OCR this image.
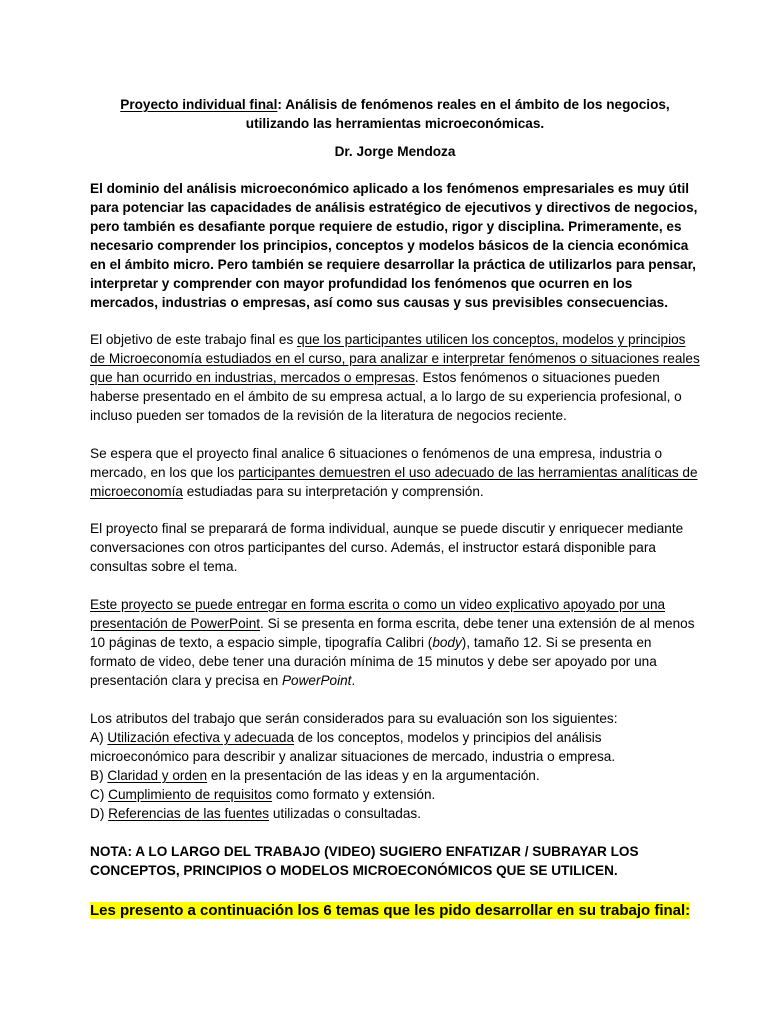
Proyecto individual final: Análisis de fenómenos reales en el ámbito de los negocios, utilizando las herramientas microeconómicas.

Dr. Jorge Mendoza

El dominio del análisis microeconómico aplicado a los fenómenos empresariales es muy útil para potenciar las capacidades de análisis estratégico de ejecutivos y directivos de negocios, pero también es desafiante porque requiere de estudio, rigor y disciplina. Primeramente, es necesario comprender los principios, conceptos y modelos básicos de la ciencia económica en el ámbito micro. Pero también se requiere desarrollar la práctica de utilizarlos para pensar, interpretar y comprender con mayor profundidad los fenómenos que ocurren en los mercados, industrias o empresas, así como sus causas y sus previsibles consecuencias.

El objetivo de este trabajo final es que los participantes utilicen los conceptos, modelos y principios de Microeconomía estudiados en el curso, para analizar e interpretar fenómenos o situaciones reales que han ocurrido en industrias, mercados o empresas. Estos fenómenos o situaciones pueden haberse presentado en el ámbito de su empresa actual, a lo largo de su experiencia profesional, o incluso pueden ser tomados de la revisión de la literatura de negocios reciente.

Se espera que el proyecto final analice 6 situaciones o fenómenos de una empresa, industria o mercado, en los que los participantes demuestren el uso adecuado de las herramientas analíticas de microeconomía estudiadas para su interpretación y comprensión.

El proyecto final se preparará de forma individual, aunque se puede discutir y enriquecer mediante conversaciones con otros participantes del curso. Además, el instructor estará disponible para consultas sobre el tema.

Este proyecto se puede entregar en forma escrita o como un video explicativo apoyado por una presentación de PowerPoint. Si se presenta en forma escrita, debe tener una extensión de al menos 10 páginas de texto, a espacio simple, tipografía Calibri (body), tamaño 12. Si se presenta en formato de video, debe tener una duración mínima de 15 minutos y debe ser apoyado por una presentación clara y precisa en PowerPoint.

Los atributos del trabajo que serán considerados para su evaluación son los siguientes:
A) Utilización efectiva y adecuada de los conceptos, modelos y principios del análisis microeconómico para describir y analizar situaciones de mercado, industria o empresa.
B) Claridad y orden en la presentación de las ideas y en la argumentación.
C) Cumplimiento de requisitos como formato y extensión.
D) Referencias de las fuentes utilizadas o consultadas.

NOTA: A LO LARGO DEL TRABAJO (VIDEO) SUGIERO ENFATIZAR / SUBRAYAR LOS CONCEPTOS, PRINCIPIOS O MODELOS MICROECONÓMICOS QUE SE UTILICEN.

Les presento a continuación los 6 temas que les pido desarrollar en su trabajo final:
